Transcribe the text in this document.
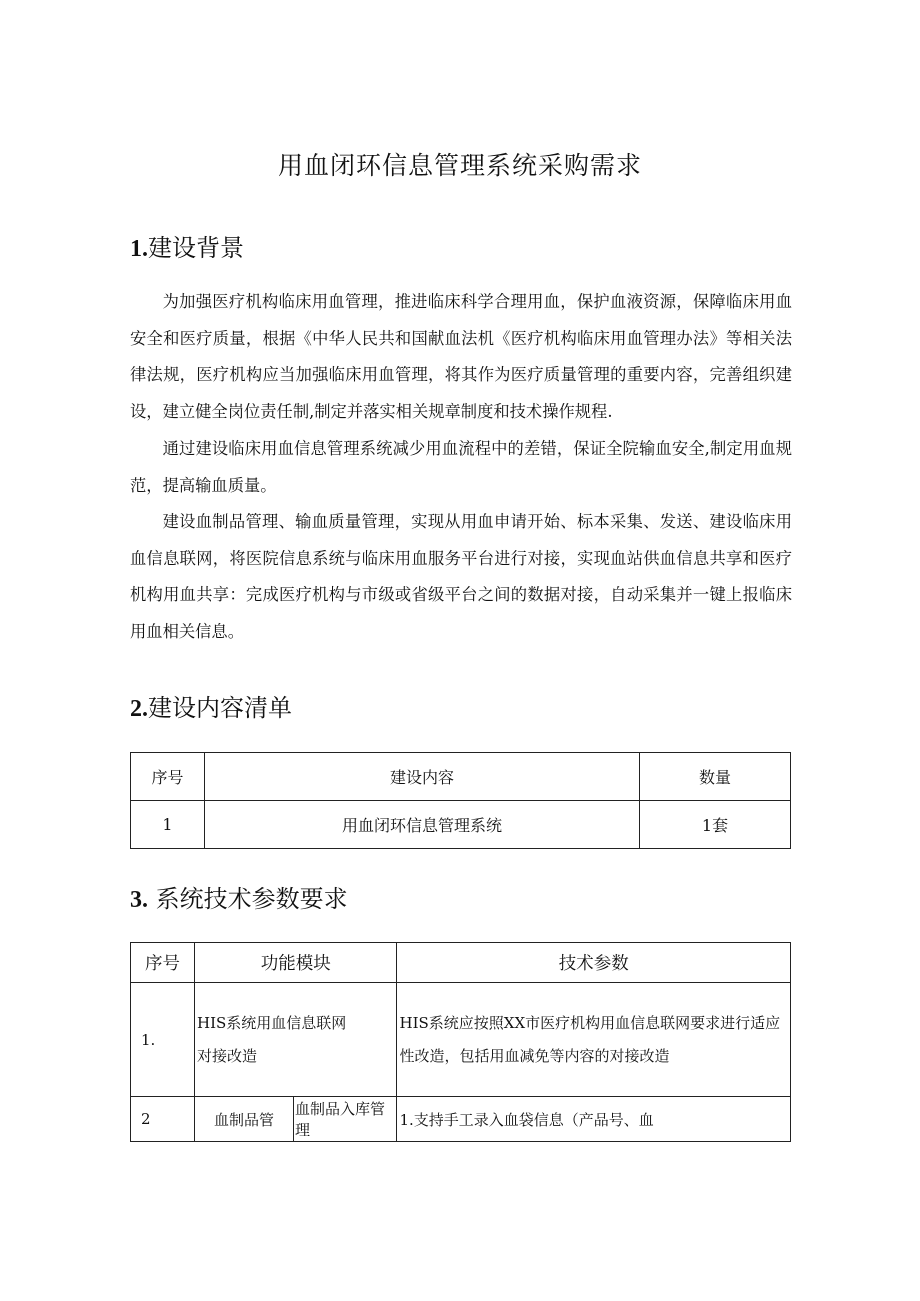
用血闭环信息管理系统采购需求
1.建设背景

为加强医疗机构临床用血管理，推进临床科学合理用血，保护血液资源，保障临床用血安全和医疗质量，根据《中华人民共和国献血法机《医疗机构临床用血管理办法》等相关法律法规，医疗机构应当加强临床用血管理，将其作为医疗质量管理的重要内容，完善组织建设，建立健全岗位责任制,制定并落实相关规章制度和技术操作规程.

通过建设临床用血信息管理系统减少用血流程中的差错，保证全院输血安全,制定用血规范，提高输血质量。

建设血制品管理、输血质量管理，实现从用血申请开始、标本采集、发送、建设临床用血信息联网，将医院信息系统与临床用血服务平台进行对接，实现血站供血信息共享和医疗机构用血共享：完成医疗机构与市级或省级平台之间的数据对接，自动采集并一键上报临床用血相关信息。

2.建设内容清单
序号	建设内容	数量
1	用血闭环信息管理系统	1套
3. 系统技术参数要求
序号	功能模块		技术参数
1.	HIS系统用血信息联网对接改造		HIS系统应按照XX市医疗机构用血信息联网要求进行适应性改造，包括用血减免等内容的对接改造
2	血制品管	血制品入库管理	1.支持手工录入血袋信息（产品号、血
